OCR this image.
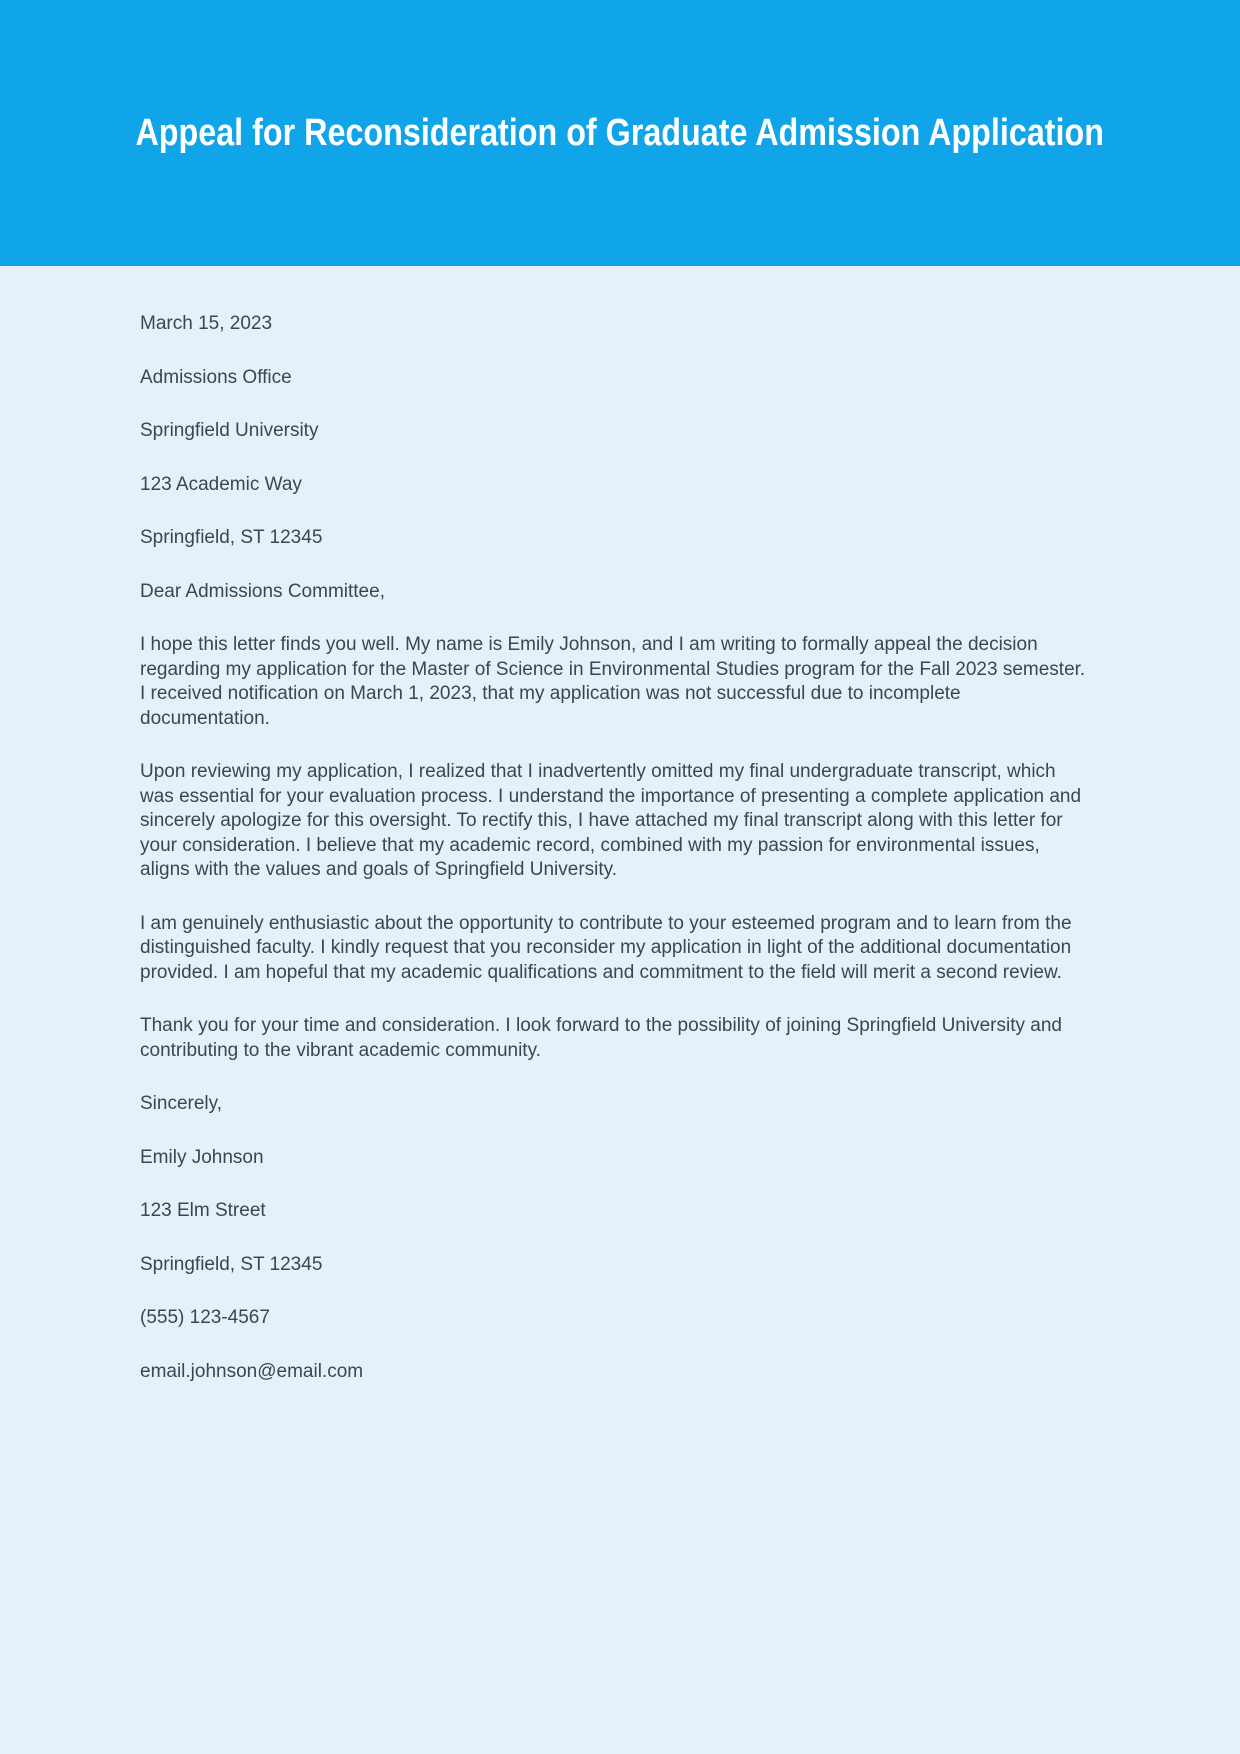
Appeal for Reconsideration of Graduate Admission Application

March 15, 2023

Admissions Office

Springfield University

123 Academic Way

Springfield, ST 12345

Dear Admissions Committee,

I hope this letter finds you well. My name is Emily Johnson, and I am writing to formally appeal the decision regarding my application for the Master of Science in Environmental Studies program for the Fall 2023 semester. I received notification on March 1, 2023, that my application was not successful due to incomplete documentation.

Upon reviewing my application, I realized that I inadvertently omitted my final undergraduate transcript, which was essential for your evaluation process. I understand the importance of presenting a complete application and sincerely apologize for this oversight. To rectify this, I have attached my final transcript along with this letter for your consideration. I believe that my academic record, combined with my passion for environmental issues, aligns with the values and goals of Springfield University.

I am genuinely enthusiastic about the opportunity to contribute to your esteemed program and to learn from the distinguished faculty. I kindly request that you reconsider my application in light of the additional documentation provided. I am hopeful that my academic qualifications and commitment to the field will merit a second review.

Thank you for your time and consideration. I look forward to the possibility of joining Springfield University and contributing to the vibrant academic community.

Sincerely,

Emily Johnson

123 Elm Street

Springfield, ST 12345

(555) 123-4567

email.johnson@email.com
